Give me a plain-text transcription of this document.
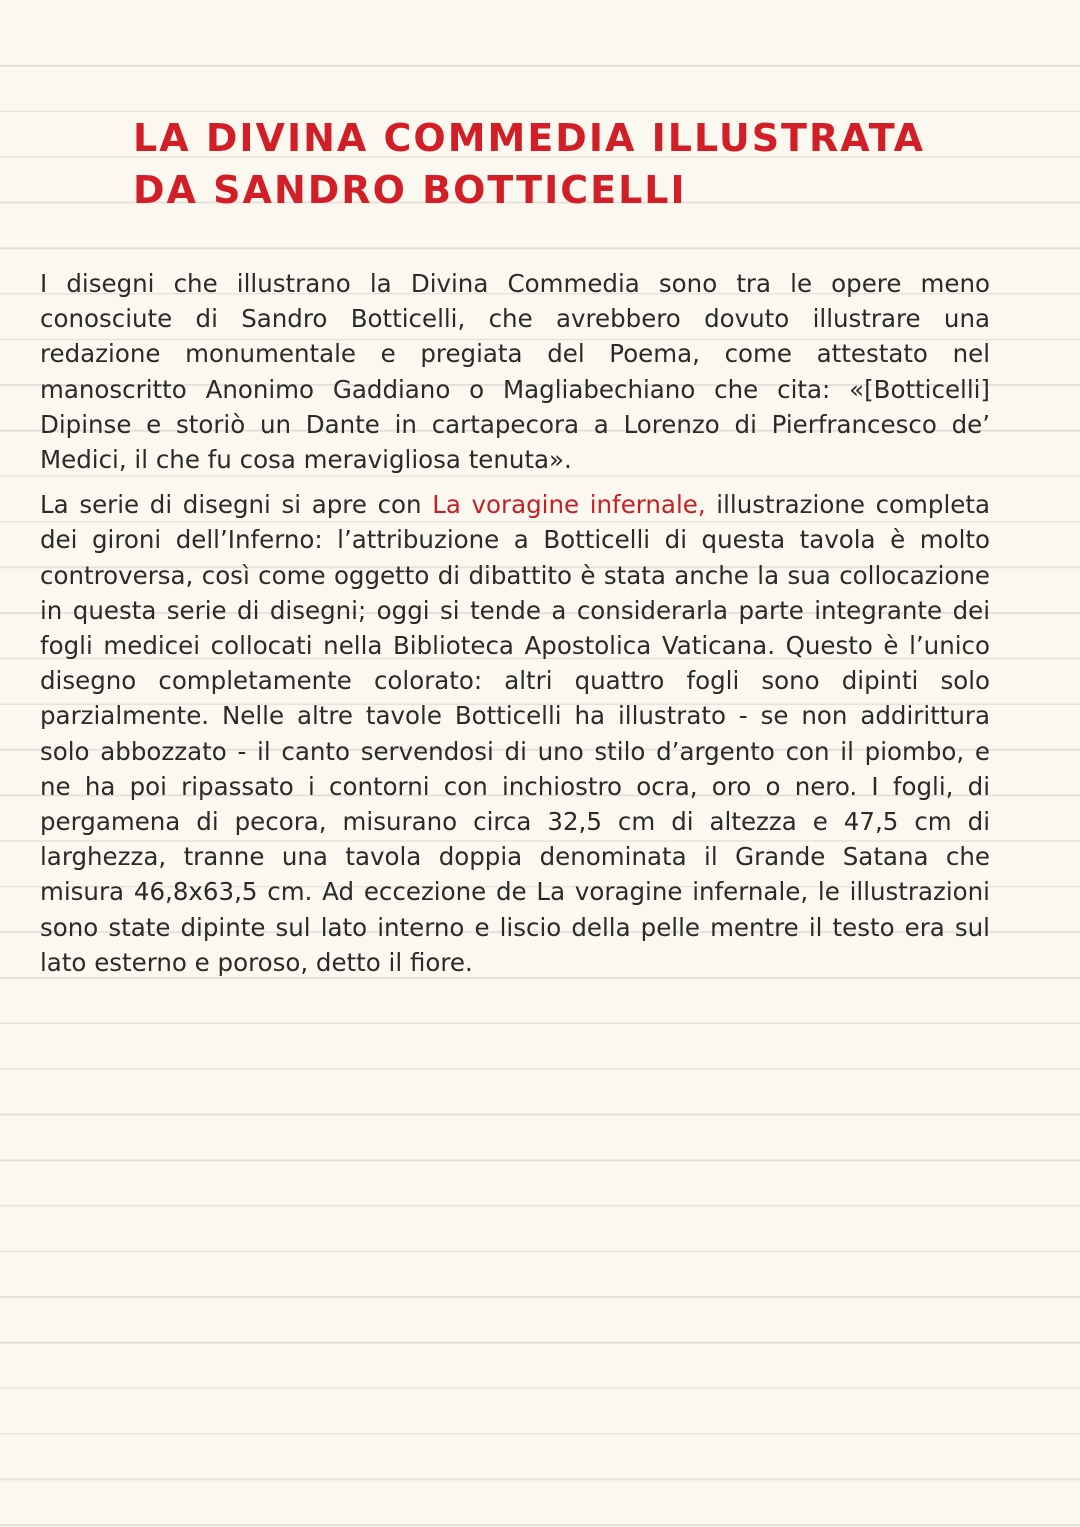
LA DIVINA COMMEDIA ILLUSTRATA
DA SANDRO BOTTICELLI

I disegni che illustrano la Divina Commedia sono tra le opere meno conosciute di Sandro Botticelli, che avrebbero dovuto illustrare una redazione monumentale e pregiata del Poema, come attestato nel manoscritto Anonimo Gaddiano o Magliabechiano che cita: «[Botticelli] Dipinse e storiò un Dante in cartapecora a Lorenzo di Pierfrancesco de’ Medici, il che fu cosa meravigliosa tenuta».

La serie di disegni si apre con La voragine infernale, illustrazione completa dei gironi dell’Inferno: l’attribuzione a Botticelli di questa tavola è molto controversa, così come oggetto di dibattito è stata anche la sua collocazione in questa serie di disegni; oggi si tende a considerarla parte integrante dei fogli medicei collocati nella Biblioteca Apostolica Vaticana. Questo è l’unico disegno completamente colorato: altri quattro fogli sono dipinti solo parzialmente. Nelle altre tavole Botticelli ha illustrato - se non addirittura solo abbozzato - il canto servendosi di uno stilo d’argento con il piombo, e ne ha poi ripassato i contorni con inchiostro ocra, oro o nero. I fogli, di pergamena di pecora, misurano circa 32,5 cm di altezza e 47,5 cm di larghezza, tranne una tavola doppia denominata il Grande Satana che misura 46,8x63,5 cm. Ad eccezione de La voragine infernale, le illustrazioni sono state dipinte sul lato interno e liscio della pelle mentre il testo era sul lato esterno e poroso, detto il fiore.
